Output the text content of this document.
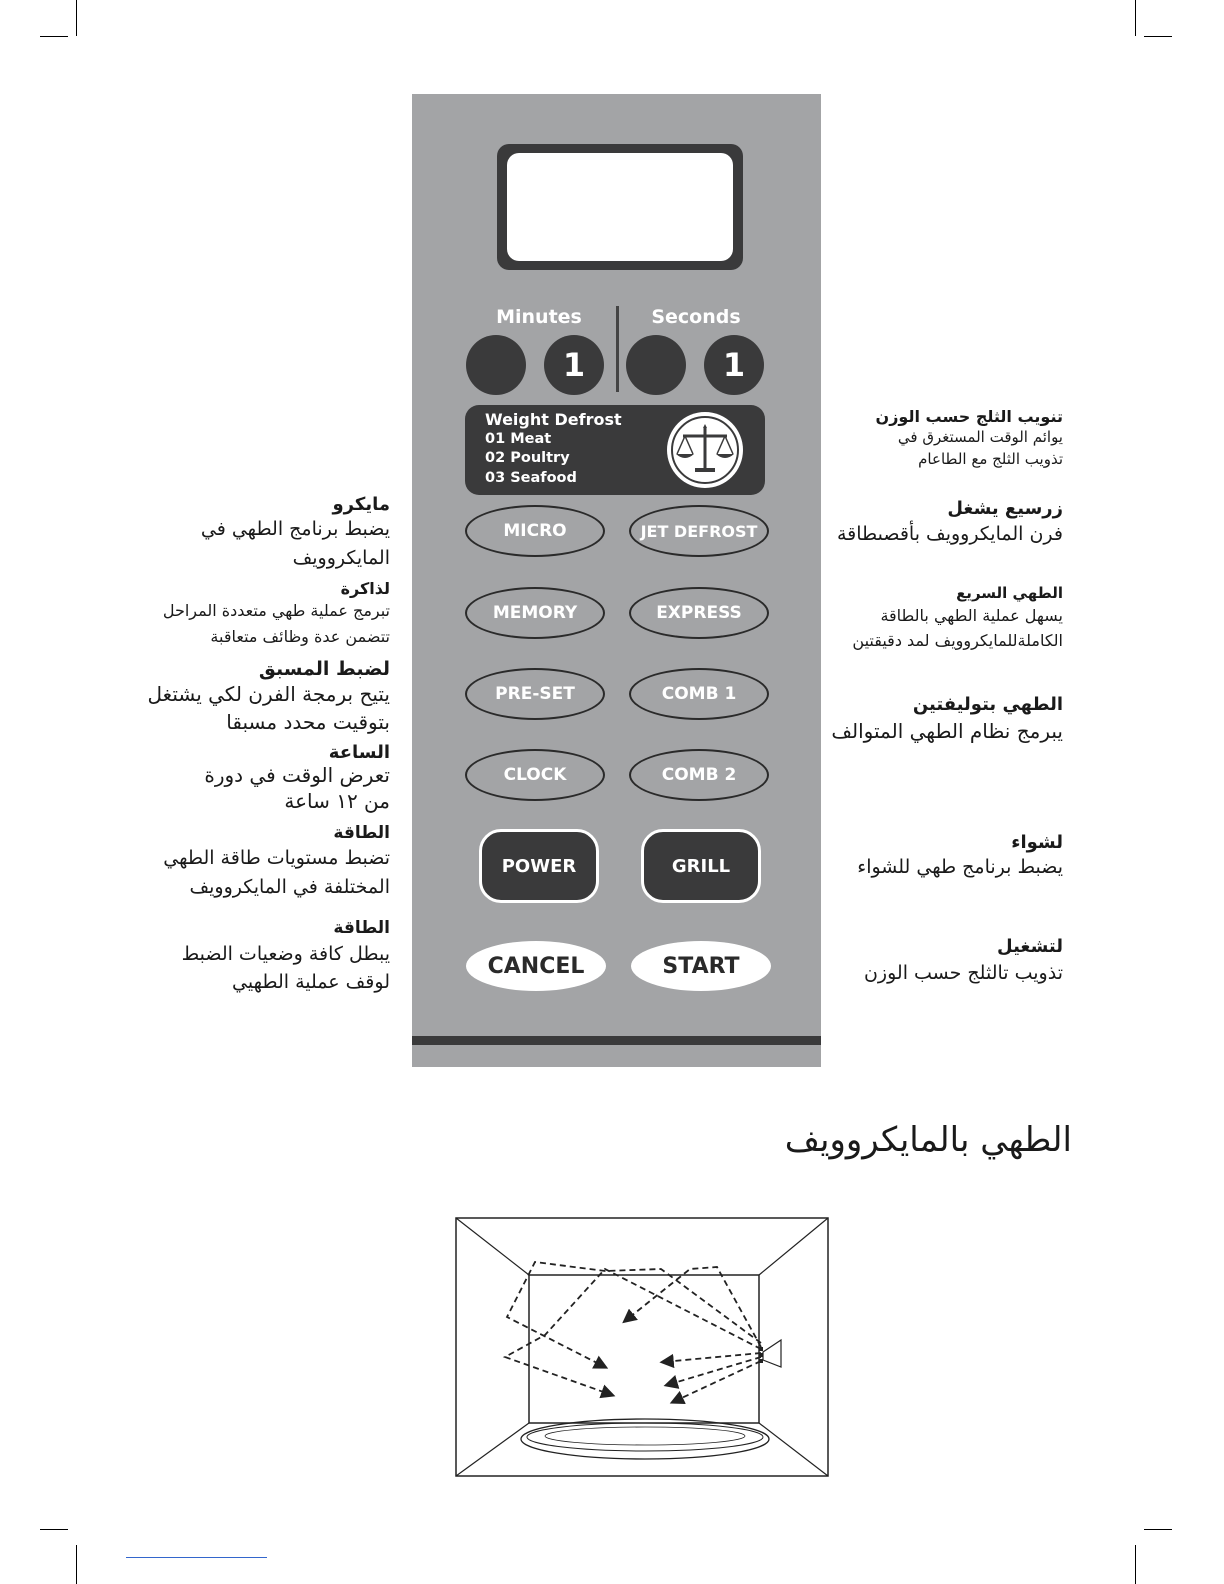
Minutes	Seconds
1	1
Weight Defrost
01 Meat
02 Poultry
03 Seafood
MICRO	JET DEFROST
MEMORY	EXPRESS
PRE-SET	COMB 1
CLOCK	COMB 2
POWER	GRILL
CANCEL	START
مايكرو
يضبط برنامج الطهي في
المايكروويف
لذاكرة
تبرمج عملية طهي متعددة المراحل
تتضمن عدة وظائف متعاقبة
لضبط المسبق
يتيح برمجة الفرن لكي يشتغل
بتوقيت محدد مسبقا
الساعة
تعرض الوقت في دورة
من ١٢ ساعة
الطاقة
تضبط مستويات طاقة الطهي
المختلفة في المايكروويف
الطاقة
يبطل كافة وضعيات الضبط
لوقف عملية الطهيي
تنويب الثلج حسب الوزن
يوائم الوقت المستغرق في
تذويب الثلج مع الطاعام
زرسيع يشغل
فرن المايكروويف بأقصىطاقة
الطهي السريع
يسهل عملية الطهي بالطاقة
الكاملةللمايكروويف لمد دقيقتين
الطهي بتوليفتين
يبرمج نظام الطهي المتوالف
لشواء
يضبط برنامج طهي للشواء
لتشغيل
تذويب تالثلج حسب الوزن
الطهي بالمايكروويف
